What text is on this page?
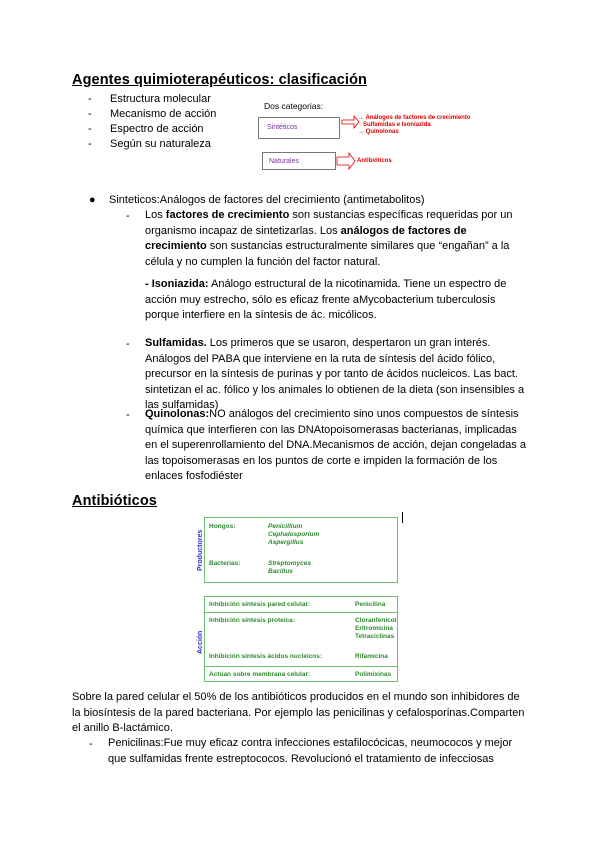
Agentes quimioterapéuticos: clasificación
- Estructura molecular
- Mecanismo de acción
- Espectro de acción
- Según su naturaleza
Dos categorias:
Sintéticos
→ Análogos de factores de crecimiento
Sulfamidas e Isoniazida
→ Quinolonas
Naturales	Antibióticos
● Sinteticos:Análogos de factores del crecimiento (antimetabolitos)
- Los factores de crecimiento son sustancias específicas requeridas por un organismo incapaz de sintetizarlas. Los análogos de factores de crecimiento son sustancias estructuralmente similares que “engañan” a la célula y no cumplen la función del factor natural.
- Isoniazida: Análogo estructural de la nicotinamida. Tiene un espectro de acción muy estrecho, sólo es eficaz frente aMycobacterium tuberculosis porque interfiere en la síntesis de ác. micólicos.
- Sulfamidas. Los primeros que se usaron, despertaron un gran interés. Análogos del PABA que interviene en la ruta de síntesis del ácido fólico, precursor en la síntesis de purinas y por tanto de ácidos nucleicos. Las bact. sintetizan el ac. fólico y los animales lo obtienen de la dieta (son insensibles a las sulfamidas)
- Quinolonas:NO análogos del crecimiento sino unos compuestos de síntesis química que interfieren con las DNAtopoisomerasas bacterianas, implicadas en el superenrollamiento del DNA.Mecanismos de acción, dejan congeladas a las topoisomerasas en los puntos de corte e impiden la formación de los enlaces fosfodiéster
Antibióticos
Productores
Hongos:	Penicillium
Cephalosporium
Aspergillus
Bacterias:	Streptomyces
Bacillus
Acción
Inhibición síntesis pared celular:	Penicilina
Inhibición síntesis proteica:	Cloranfenicol
Eritromicina
Tetraciclinas
Inhibición síntesis ácidos nucleicos:	Rifamicina
Actúan sobre membrana celular:	Polimixinas
Sobre la pared celular el 50% de los antibióticos producidos en el mundo son inhibidores de la biosíntesis de la pared bacteriana. Por ejemplo las penicilinas y cefalosporinas.Comparten el anillo B-lactámico.
- Penicilinas:Fue muy eficaz contra infecciones estafilocócicas, neumococos y mejor que sulfamidas frente estreptococos. Revolucionó el tratamiento de infecciosas
